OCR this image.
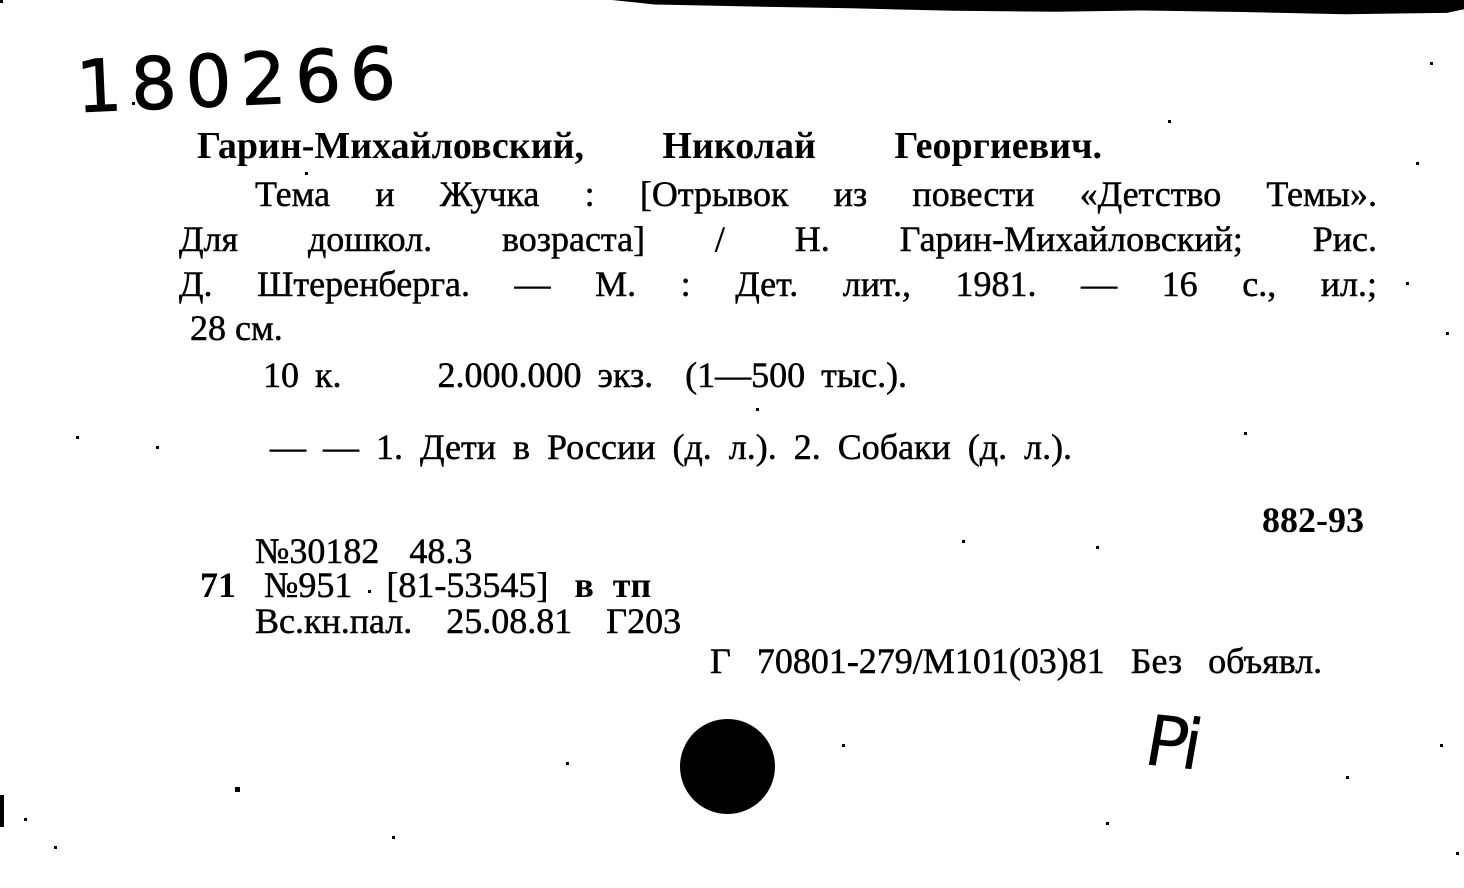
180266
Гарин-Михайловский, Николай Георгиевич.
Тема и Жучка : [Отрывок из повести «Детство Темы».
Для дошкол. возраста] / Н. Гарин-Михайловский; Рис.
Д. Штеренберга. — М. : Дет. лит., 1981. — 16 с., ил.;
28 см.
10 к.      2.000.000 экз.  (1—500 тыс.).
— — 1. Дети в России (д. л.). 2. Собаки (д. л.).
882-93
№30182  48.3
71 №951  [81-53545] в тп
Вс.кн.пал.  25.08.81  Г203
Г  70801-279/М101(03)81  Без  объявл.
Pi
